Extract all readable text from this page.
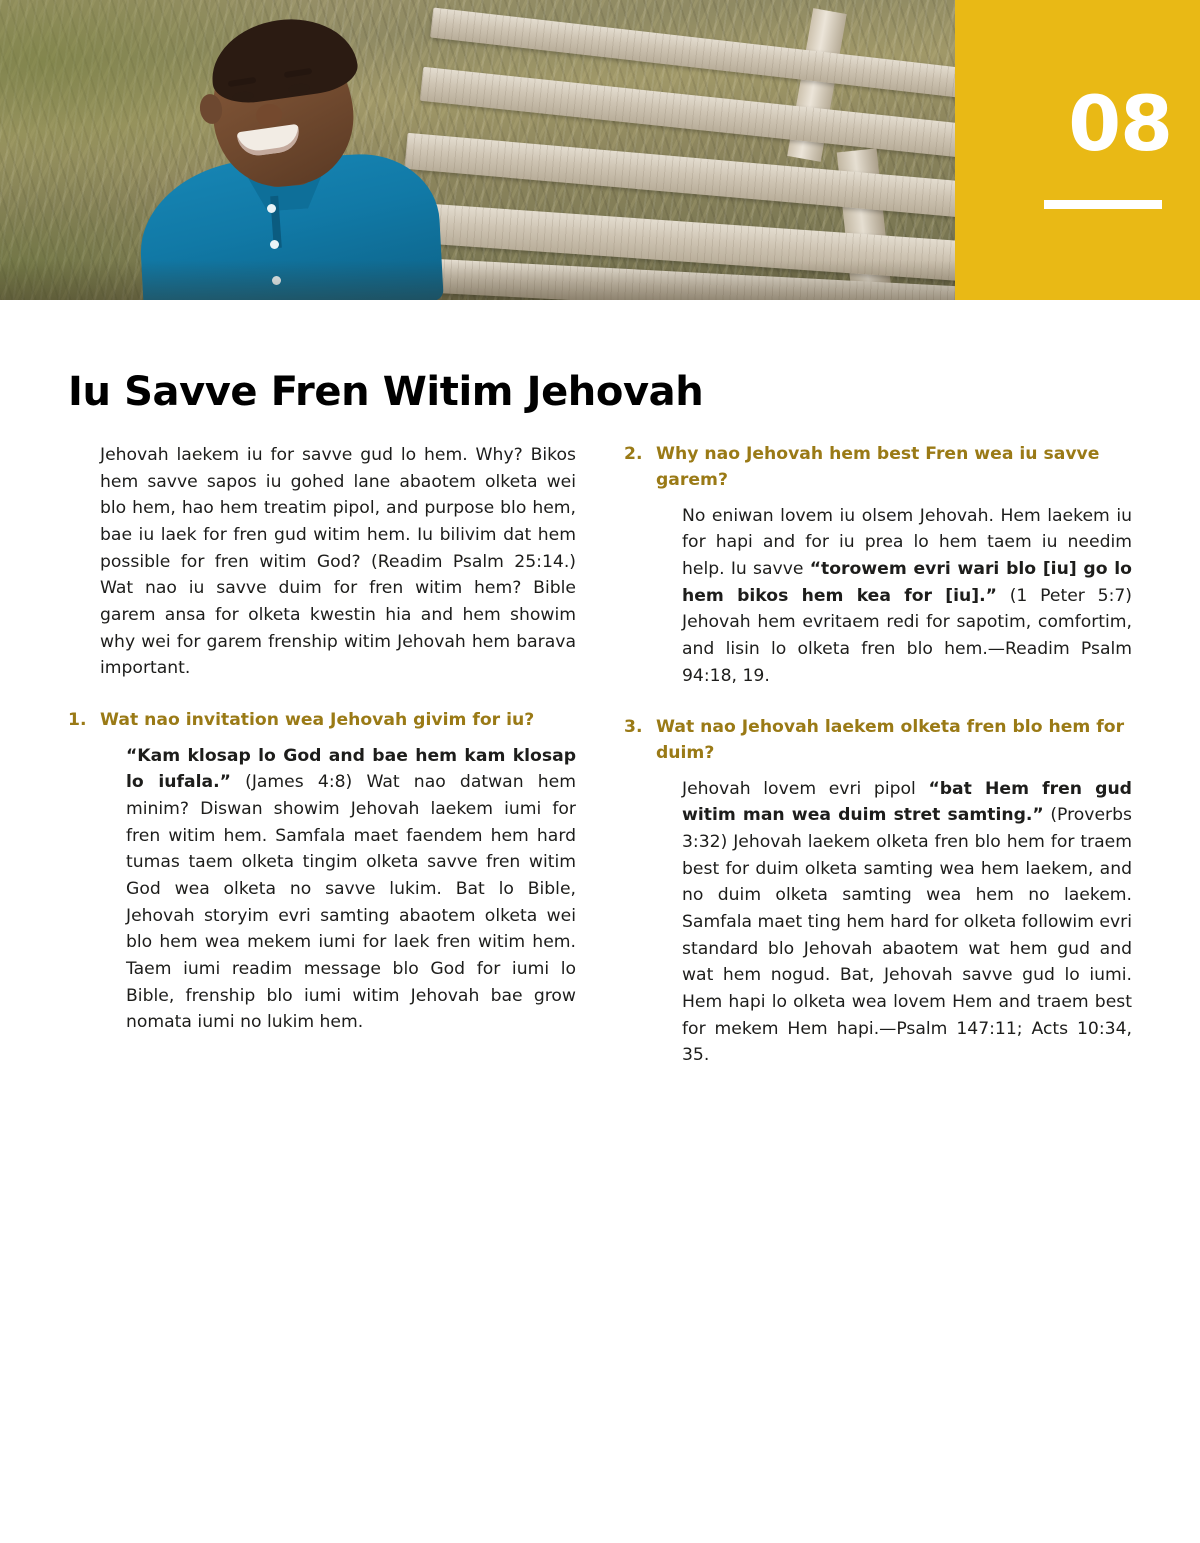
08
Iu Savve Fren Witim Jehovah

Jehovah laekem iu for savve gud lo hem. Why? Bikos hem savve sapos iu gohed lane abaotem olketa wei blo hem, hao hem treatim pipol, and purpose blo hem, bae iu laek for fren gud witim hem. Iu bilivim dat hem possible for fren witim God? (Readim Psalm 25:14.) Wat nao iu savve duim for fren witim hem? Bible garem ansa for olketa kwestin hia and hem showim why wei for garem frenship witim Jehovah hem barava important.

1. Wat nao invitation wea Jehovah givim for iu?

“Kam klosap lo God and bae hem kam klosap lo iufala.” (James 4:8) Wat nao datwan hem minim? Diswan showim Jehovah laekem iumi for fren witim hem. Samfala maet faendem hem hard tumas taem olketa tingim olketa savve fren witim God wea olketa no savve lukim. Bat lo Bible, Jehovah storyim evri samting abaotem olketa wei blo hem wea mekem iumi for laek fren witim hem. Taem iumi readim message blo God for iumi lo Bible, frenship blo iumi witim Jehovah bae grow nomata iumi no lukim hem.

2. Why nao Jehovah hem best Fren wea iu savve garem?

No eniwan lovem iu olsem Jehovah. Hem laekem iu for hapi and for iu prea lo hem taem iu needim help. Iu savve “torowem evri wari blo [iu] go lo hem bikos hem kea for [iu].” (1 Peter 5:7) Jehovah hem evritaem redi for sapotim, comfortim, and lisin lo olketa fren blo hem.—Readim Psalm 94:18, 19.

3. Wat nao Jehovah laekem olketa fren blo hem for duim?

Jehovah lovem evri pipol “bat Hem fren gud witim man wea duim stret samting.” (Proverbs 3:32) Jehovah laekem olketa fren blo hem for traem best for duim olketa samting wea hem laekem, and no duim olketa samting wea hem no laekem. Samfala maet ting hem hard for olketa followim evri standard blo Jehovah abaotem wat hem gud and wat hem nogud. Bat, Jehovah savve gud lo iumi. Hem hapi lo olketa wea lovem Hem and traem best for mekem Hem hapi.—Psalm 147:11; Acts 10:34, 35.
